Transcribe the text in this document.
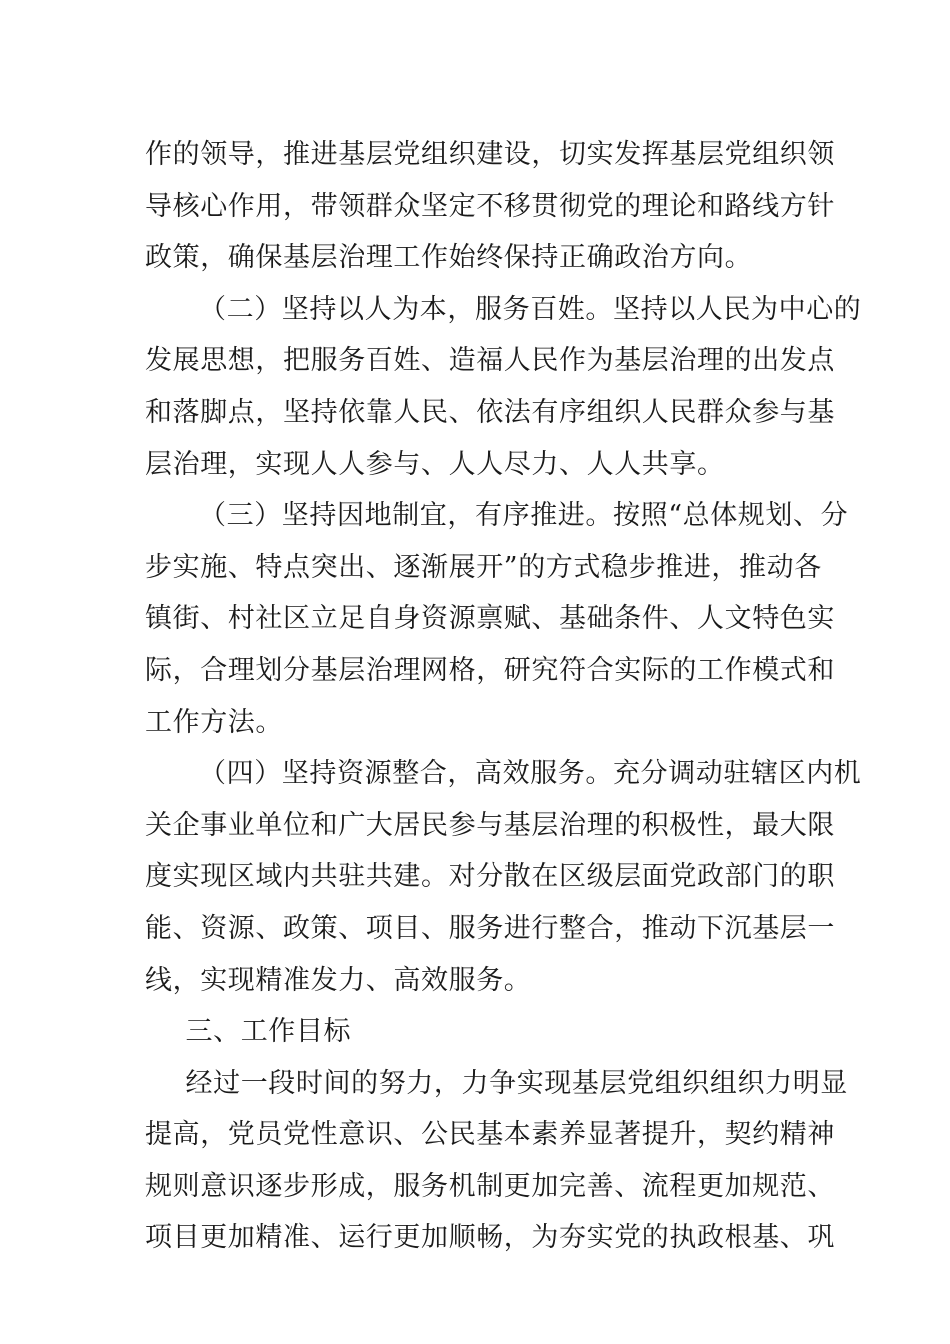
作的领导，推进基层党组织建设，切实发挥基层党组织领
导核心作用，带领群众坚定不移贯彻党的理论和路线方针
政策，确保基层治理工作始终保持正确政治方向。
（二）坚持以人为本，服务百姓。坚持以人民为中心的
发展思想，把服务百姓、造福人民作为基层治理的出发点
和落脚点，坚持依靠人民、依法有序组织人民群众参与基
层治理，实现人人参与、人人尽力、人人共享。
（三）坚持因地制宜，有序推进。按照“总体规划、分
步实施、特点突出、逐渐展开”的方式稳步推进，推动各
镇街、村社区立足自身资源禀赋、基础条件、人文特色实
际，合理划分基层治理网格，研究符合实际的工作模式和
工作方法。
（四）坚持资源整合，高效服务。充分调动驻辖区内机
关企事业单位和广大居民参与基层治理的积极性，最大限
度实现区域内共驻共建。对分散在区级层面党政部门的职
能、资源、政策、项目、服务进行整合，推动下沉基层一
线，实现精准发力、高效服务。
三、工作目标
经过一段时间的努力，力争实现基层党组织组织力明显
提高，党员党性意识、公民基本素养显著提升，契约精神
规则意识逐步形成，服务机制更加完善、流程更加规范、
项目更加精准、运行更加顺畅，为夯实党的执政根基、巩
